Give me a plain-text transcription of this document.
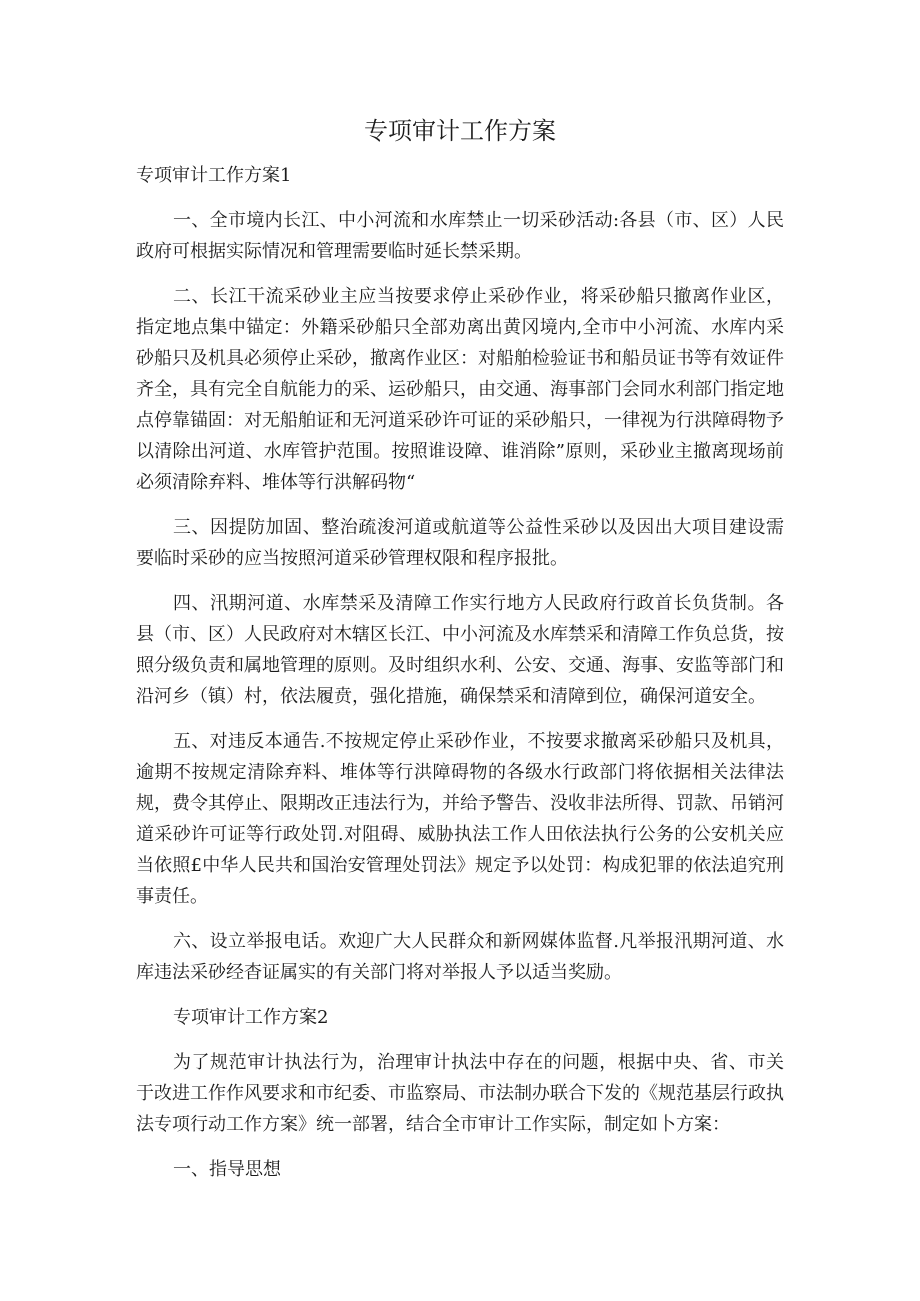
专项审计工作方案

专项审计工作方案1

一、全市境内长江、中小河流和水库禁止一切采砂活动:各县（市、区）人民政府可根据实际情况和管理需要临时延长禁采期。

二、长江干流采砂业主应当按要求停止采砂作业，将采砂船只撤离作业区，指定地点集中锚定：外籍采砂船只全部劝离出黄冈境内,全市中小河流、水库内采砂船只及机具必须停止采砂，撤离作业区：对船舶检验证书和船员证书等有效证件齐全，具有完全自航能力的采、运砂船只，由交通、海事部门会同水利部门指定地点停靠锚固：对无船舶证和无河道采砂许可证的采砂船只，一律视为行洪障碍物予以清除出河道、水库管护范围。按照谁设障、谁消除”原则，采砂业主撤离现场前必须清除弃料、堆体等行洪解码物“

三、因提防加固、整治疏浚河道或航道等公益性采砂以及因出大项目建设需要临时采砂的应当按照河道采砂管理权限和程序报批。

四、汛期河道、水库禁采及清障工作实行地方人民政府行政首长负货制。各县（市、区）人民政府对木辖区长江、中小河流及水库禁采和清障工作负总货，按照分级负责和属地管理的原则。及时组织水利、公安、交通、海事、安监等部门和沿河乡（镇）村，依法履贲，强化措施，确保禁采和清障到位，确保河道安全。

五、对违反本通告.不按规定停止采砂作业，不按要求撤离采砂船只及机具，逾期不按规定清除弃料、堆体等行洪障碍物的各级水行政部门将依据相关法律法规，费令其停止、限期改正违法行为，并给予警告、没收非法所得、罚款、吊销河道采砂许可证等行政处罚.对阻碍、威胁执法工作人田依法执行公务的公安机关应当依照£中华人民共和国治安管理处罚法》规定予以处罚：构成犯罪的依法追究刑事责任。

六、设立举报电话。欢迎广大人民群众和新网媒体监督.凡举报汛期河道、水库违法采砂经杳证属实的有关部门将对举报人予以适当奖励。

专项审计工作方案2

为了规范审计执法行为，治理审计执法中存在的问题，根据中央、省、市关于改进工作作风要求和市纪委、市监察局、市法制办联合下发的《规范基层行政执法专项行动工作方案》统一部署，结合全市审计工作实际，制定如卜方案：

一、指导思想
